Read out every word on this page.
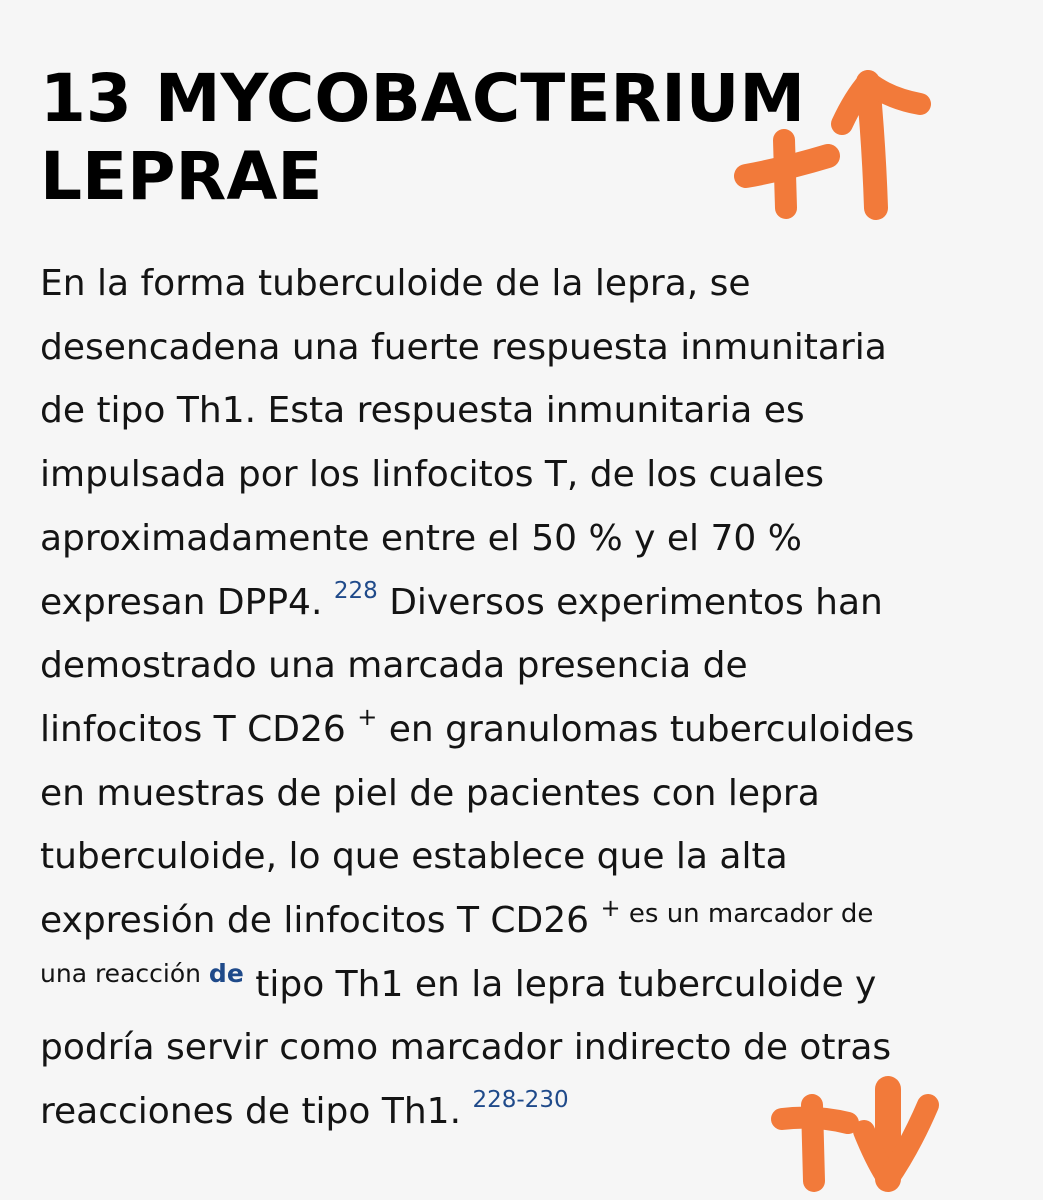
13 MYCOBACTERIUM
LEPRAE
En la forma tuberculoide de la lepra, se
desencadena una fuerte respuesta inmunitaria
de tipo Th1. Esta respuesta inmunitaria es
impulsada por los linfocitos T, de los cuales
aproximadamente entre el 50 % y el 70 %
expresan DPP4. $^{228}$ Diversos experimentos han
demostrado una marcada presencia de
linfocitos T CD26 + en granulomas tuberculoides
en muestras de piel de pacientes con lepra
tuberculoide, lo que establece que la alta
expresión de linfocitos T CD26 + $^{es un marcador de}$
$^{una reacción}$ $^{de}$ tipo Th1 en la lepra tuberculoide y
podría servir como marcador indirecto de otras
reacciones de tipo Th1. $^{228-230}$
